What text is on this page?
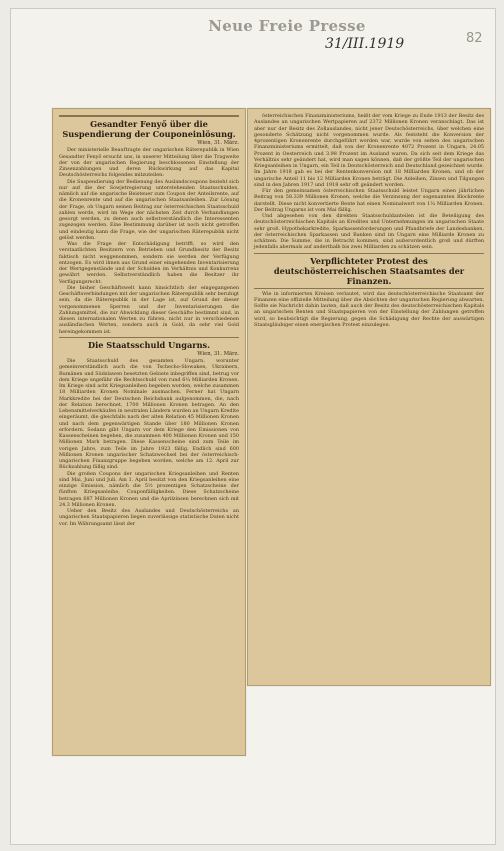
Neue Freie Presse
31/III.1919	82
Gesandter Fenyő über die Suspendierung der Couponeinlösung.
Wien, 31. März.

Der ministerielle Beauftragte der ungarischen Räterepublik in Wien Gesandter Fenyő ersucht uns, in unserer Mitteilung über die Tragweite der von der ungarischen Regierung beschlossenen Einstellung der Zinsenzahlungen und deren Rückwirkung auf das Kapital Deutschösterreichs folgendes mitzuteilen:

Die Suspendierung der Bedienung des Auslandscoupons bezieht sich nur auf die der Sowjetregierung unterstehenden Staatsschulden, nämlich auf die ungarische Beisteuer zum Coupon der Anteilsrente, auf die Kronenrente und auf die ungarischen Staatsanleihen. Zur Lösung der Frage, ob Ungarn seinen Beitrag zur österreichischen Staatsschuld zahlen werde, wird im Wege der nächsten Zeit durch Verhandlungen gesorgt werden, zu denen auch selbstverständlich die Interessenten zugezogen werden. Eine Bestimmung darüber ist noch nicht getroffen und eindeutig kann die Frage, wie der ungarischen Räterepublik nicht gelöst werden.

Was die Frage der Entschädigung betrifft, so wird den verstaatlichten Besitzern von Betrieben und Grundbesitz der Besitz faktisch nicht weggenommen, sondern sie werden der Verfügung entzogen. Es wird ihnen aus Grund einer eingehenden Inventarisierung der Wertgegenstände und der Schulden im Verhältnis und Konkurrenz gewährt werden. Selbstverständlich haben die Besitzer ihr Verfügungsrecht.

Die bisher Geschäftswelt kann hinsichtlich der eingegangenen Geschäftsverbindungen mit der ungarischen Räterepublik sehr beruhigt sein, da die Räterepublik in der Lage ist, auf Grund der dieser vorgenommenen Sperren und der Inventarisierungen die Zahlungsmittel, die zur Abwicklung dieser Geschäfte bestimmt sind, in diesen internationalen Werten zu führen, nicht nur in verschiedenen ausländischen Werten, sondern auch in Gold, da sehr viel Gold hereingekommen ist.

Die Staatsschuld Ungarns.
Wien, 31. März.

Die Staatsschuld des gesamten Ungarn, worunter gemeinverständlich auch die von Tschecho-Slowaken, Ukrainern, Rumänen und Südslawen besetzten Gebiete inbegriffen sind, betrug vor dem Kriege ungefähr die Rechtsschuld von rund 6¼ Milliarden Kronen. Im Kriege sind acht Kriegsanleihen begeben worden, welche zusammen 18 Milliarden Kronen Nominale ausmachen. Ferner hat Ungarn Markkredite bei der Deutschen Reichsbank aufgenommen, die, nach der Relation berechnet, 1700 Millionen Kronen betragen. An den Lebensmittelverkäufen in neutralen Ländern wurden an Ungarn Kredite eingeräumt, die gleichfalls nach der alten Relation 45 Millionen Kronen und nach dem gegenwärtigen Stande über 180 Millionen Kronen erfordern. Sodann gibt Ungarn vor dem Kriege den Emissionen von Kassenscheinen begeben, die zusammen 400 Millionen Kronen und 150 Millionen Mark betragen. Diese Kassenscheine sind zum Teile im vorigen Jahre, zum Teile im Jahre 1923 fällig. Endlich sind 600 Millionen Kronen ungarischer Schatzwechsel bei der österreichisch-ungarischen Finanzgruppe begeben worden, welche am 12. April zur Rückzahlung fällig sind.

Die großen Coupons der ungarischen Kriegsanleihen und Renten sind Mai, Juni und Juli. Am 1. April besitzt von den Kriegsanleihen eine einzige Emission, nämlich die 5½ prozentigen Schatzscheine der fünften Kriegsanleihe, Couponfälligkeiten. Diese Schatzscheine betragen 687 Millionen Kronen und die Aprilzinsen berechnen sich mit 24.3 Millionen Kronen.

Ueber den Besitz des Auslandes und Deutschösterreichs an ungarischen Staatspapieren liegen zuverlässige statistische Daten nicht vor. Im Währungsamt lässt der

österreichischen Finanzministeriums, heißt der vom Kriege zu Ende 1913 der Besitz des Auslandes an ungarischen Wertpapieren auf 2372 Millionen Kronen veranschlagt. Das ist aber nur der Besitz des Zollauslandes, nicht jener Deutschösterreichs, über welchen eine gesonderte Schätzung nicht vorgenommen wurde. Als feststeht die Konversion der 4prozentigen Kronenrente durchgeführt worden war, wurde von seiten des ungarischen Finanzministeriums ermittelt, daß von der Kronenrente 4072 Prozent in Ungarn, 24.05 Prozent in Oesterreich und 3.98 Prozent im Ausland waren. Da sich seit dem Kriege das Verhältnis sehr geändert hat, wird man sagen können, daß der größte Teil der ungarischen Kriegsanleihen in Ungarn, ein Teil in Deutschösterreich und Deutschland gezeichnet wurde. Im Jahre 1918 gab es bei der Rentenkonversion mit 18 Milliarden Kronen, und ob der ungarische Anteil 11 bis 12 Milliarden Kronen beträgt. Die Anleihen, Zinsen und Tilgungen sind in den Jahren 1917 und 1918 sehr oft geändert worden.

Für den gemeinsamen österreichischen Staatsschuld leistet Ungarn einen jährlichen Beitrag von 58.339 Millionen Kronen, welche die Verzinsung der sogenannten Blockrente darstellt. Diese nicht konvertierte Rente hat einen Nominalwert von 1¼ Milliarden Kronen. Der Beitrag Ungarns ist vom Mai fällig.

Und abgesehen von den direkten Staatsschuldanteilen ist die Beteiligung des deutschösterreichischen Kapitals an Krediten und Unternehmungen im ungarischen Staate sehr groß. Hypothekarkredite, Sparkassenforderungen und Pfandbriefe der Landesbanken, der österreichischen Sparkassen und Banken sind im Ungarn eine Milliarde Kronen zu schätzen. Die Summe, die in Betracht kommen, sind außerordentlich groß und dürften jedenfalls abermals auf anderthalb bis zwei Milliarden zu schätzen sein.

Verpflichteter Protest des deutschösterreichischen Staatsamtes der Finanzen.

Wie in informierten Kreisen verlautet, wird das deutschösterreichische Staatsamt der Finanzen eine offizielle Mitteilung über die Absichten der ungarischen Regierung abwarten. Sollte sie Nachricht dahin lauten, daß auch der Besitz des deutschösterreichischen Kapitals an ungarischen Renten und Staatspapieren von der Einstellung der Zahlungen getroffen wird, so beabsichtigt die Regierung, gegen die Schädigung der Rechte der auswärtigen Staatsgläubiger einen energischen Protest einzulegen.
